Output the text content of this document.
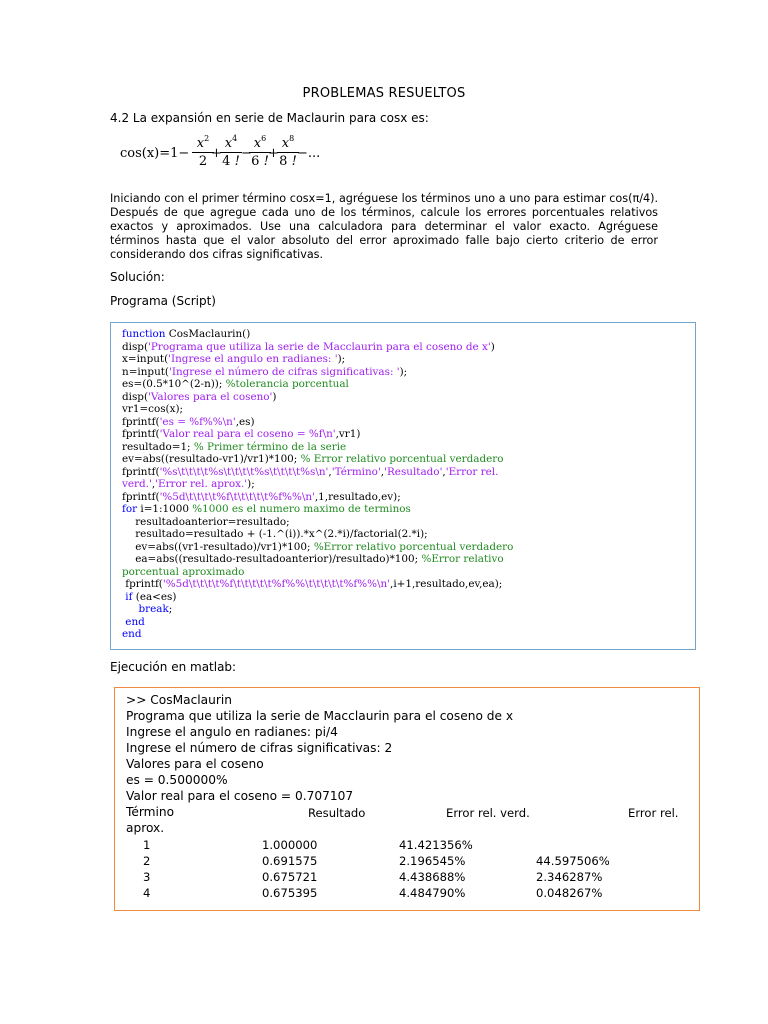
PROBLEMAS RESUELTOS
4.2 La expansión en serie de Maclaurin para cosx es:
cos(x)=1−
$x^2$
2
+
$x^4$
4 !
−
$x^6$
6 !
+
$x^8$
8 !
−...
Iniciando con el primer término cosx=1, agréguese los términos uno a uno para estimar cos(π/4). Después de que agregue cada uno de los términos, calcule los errores porcentuales relativos exactos y aproximados. Use una calculadora para determinar el valor exacto. Agréguese términos hasta que el valor absoluto del error aproximado falle bajo cierto criterio de error considerando dos cifras significativas.
Solución:
Programa (Script)
function CosMaclaurin()
disp('Programa que utiliza la serie de Macclaurin para el coseno de x')
x=input('Ingrese el angulo en radianes: ');
n=input('Ingrese el número de cifras significativas: ');
es=(0.5*10^(2-n)); %tolerancia porcentual
disp('Valores para el coseno')
vr1=cos(x);
fprintf('es = %f%%\n',es)
fprintf('Valor real para el coseno = %f\n',vr1)
resultado=1; % Primer término de la serie
ev=abs((resultado-vr1)/vr1)*100; % Error relativo porcentual verdadero
fprintf('%s\t\t\t\t%s\t\t\t\t%s\t\t\t\t%s\n','Término','Resultado','Error rel.
verd.','Error rel. aprox.');
fprintf('%5d\t\t\t\t%f\t\t\t\t\t%f%%\n',1,resultado,ev);
for i=1:1000 %1000 es el numero maximo de terminos
resultadoanterior=resultado;
resultado=resultado + (-1.^(i)).*x^(2.*i)/factorial(2.*i);
ev=abs((vr1-resultado)/vr1)*100; %Error relativo porcentual verdadero
ea=abs((resultado-resultadoanterior)/resultado)*100; %Error relativo
porcentual aproximado
fprintf('%5d\t\t\t\t%f\t\t\t\t\t%f%%\t\t\t\t\t%f%%\n',i+1,resultado,ev,ea);
if (ea<es)
break;
end
end
Ejecución en matlab:
>> CosMaclaurin
Programa que utiliza la serie de Macclaurin para el coseno de x
Ingrese el angulo en radianes: pi/4
Ingrese el número de cifras significativas: 2
Valores para el coseno
es = 0.500000%
Valor real para el coseno = 0.707107
Término	Resultado	Error rel. verd.	Error rel.
aprox.
1	1.000000	41.421356%
2	0.691575	2.196545%	44.597506%
3	0.675721	4.438688%	2.346287%
4	0.675395	4.484790%	0.048267%
